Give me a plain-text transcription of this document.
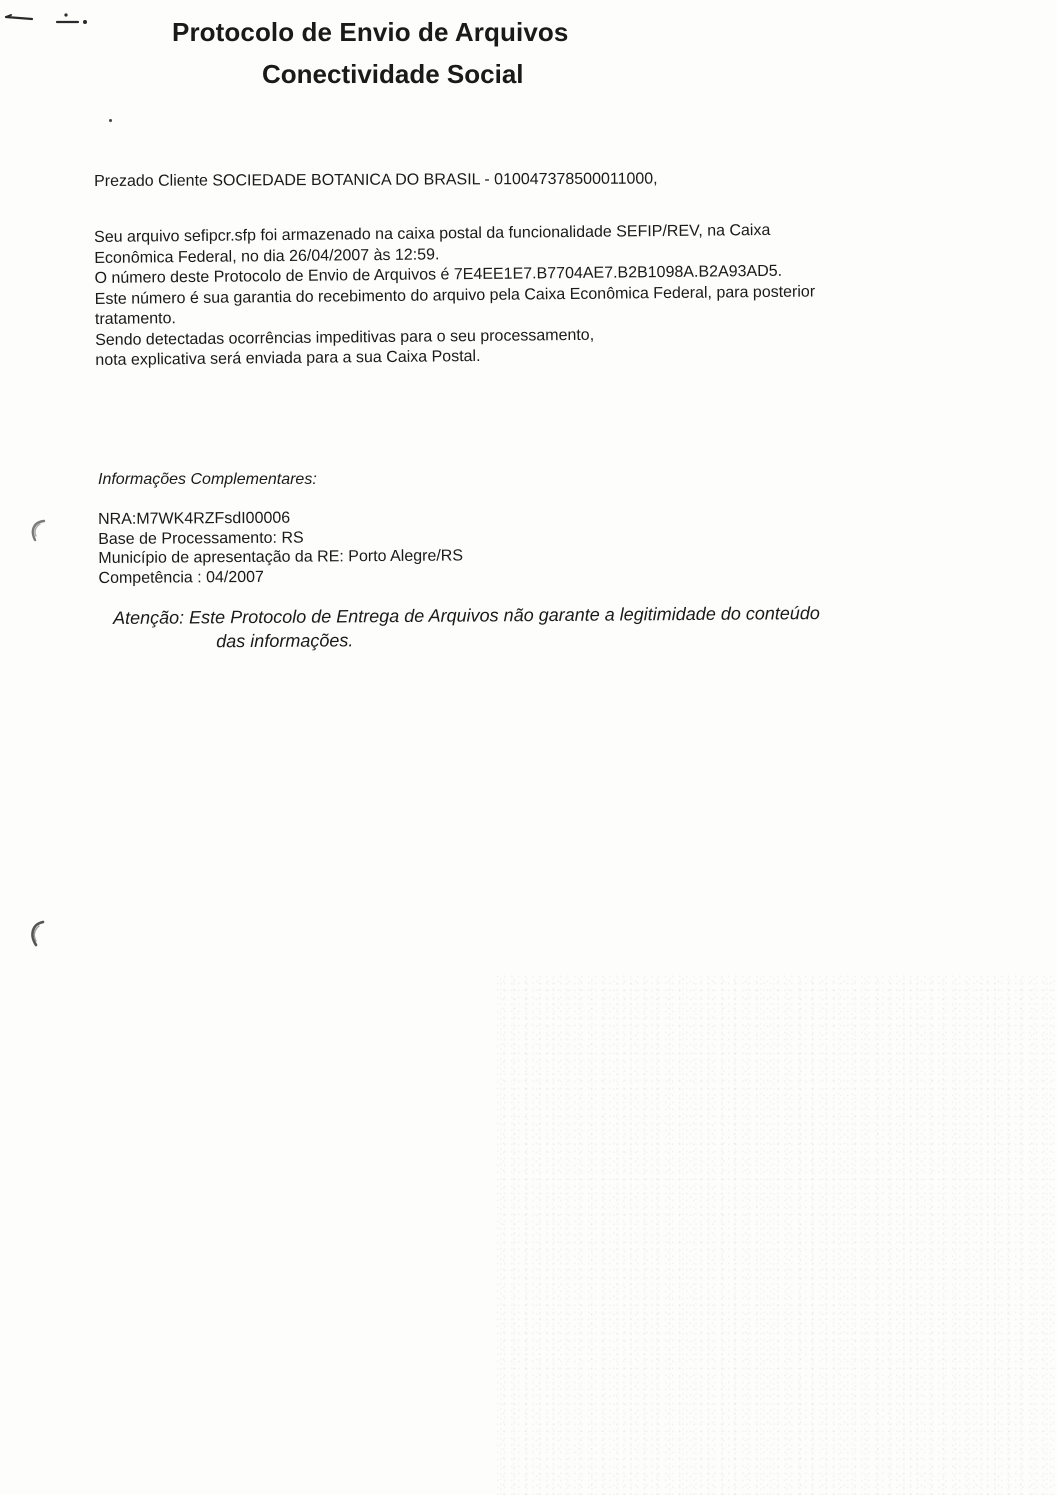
Protocolo de Envio de Arquivos
Conectividade Social
Prezado Cliente SOCIEDADE BOTANICA DO BRASIL - 010047378500011000,

Seu arquivo sefipcr.sfp foi armazenado na caixa postal da funcionalidade SEFIP/REV, na Caixa

Econômica Federal, no dia 26/04/2007 às 12:59.

O número deste Protocolo de Envio de Arquivos é 7E4EE1E7.B7704AE7.B2B1098A.B2A93AD5.

Este número é sua garantia do recebimento do arquivo pela Caixa Econômica Federal, para posterior

tratamento.

Sendo detectadas ocorrências impeditivas para o seu processamento,

nota explicativa será enviada para a sua Caixa Postal.

Informações Complementares:
NRA:M7WK4RZFsdI00006
Base de Processamento: RS
Município de apresentação da RE: Porto Alegre/RS
Competência : 04/2007
Atenção: Este Protocolo de Entrega de Arquivos não garante a legitimidade do conteúdo
das informações.
